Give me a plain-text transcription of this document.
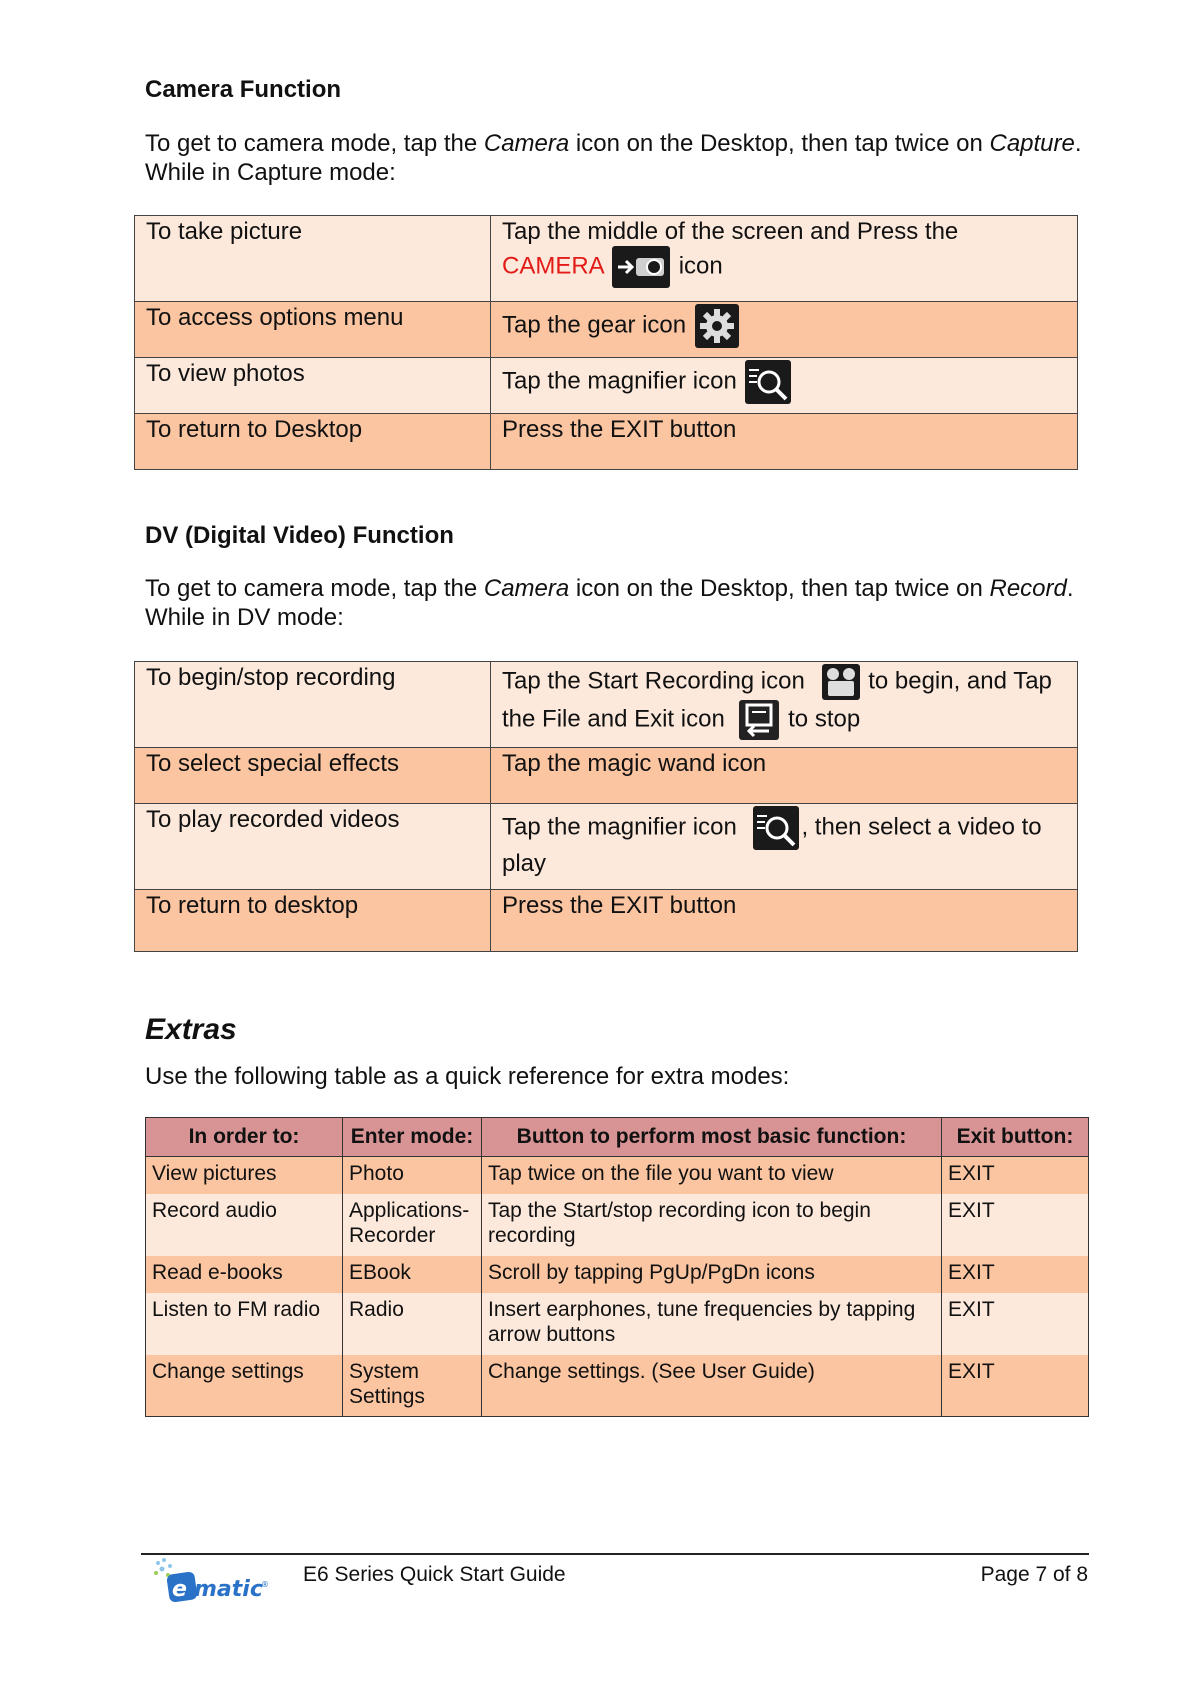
Camera Function
To get to camera mode, tap the Camera icon on the Desktop, then tap twice on Capture.
While in Capture mode:
To take picture	Tap the middle of the screen and Press the
CAMERA icon
To access options menu	Tap the gear icon

To view photos	Tap the magnifier icon

To return to Desktop	Press the EXIT button
DV (Digital Video) Function
To get to camera mode, tap the Camera icon on the Desktop, then tap twice on Record.
While in DV mode:
To begin/stop recording	Tap the Start Recording icon to begin, and Tap
the File and Exit icon to stop
To select special effects	Tap the magic wand icon
To play recorded videos	Tap the magnifier icon , then select a video to
play
To return to desktop	Press the EXIT button
Extras
Use the following table as a quick reference for extra modes:
In order to:	Enter mode:	Button to perform most basic function:	Exit button:
View pictures	Photo	Tap twice on the file you want to view	EXIT
Record audio	Applications-Recorder	Tap the Start/stop recording icon to begin recording	EXIT
Read e-books	EBook	Scroll by tapping PgUp/PgDn icons	EXIT
Listen to FM radio	Radio	Insert earphones, tune frequencies by tapping arrow buttons	EXIT
Change settings	System Settings	Change settings. (See User Guide)	EXIT
e matic
® E6 Series Quick Start Guide	Page 7 of 8
